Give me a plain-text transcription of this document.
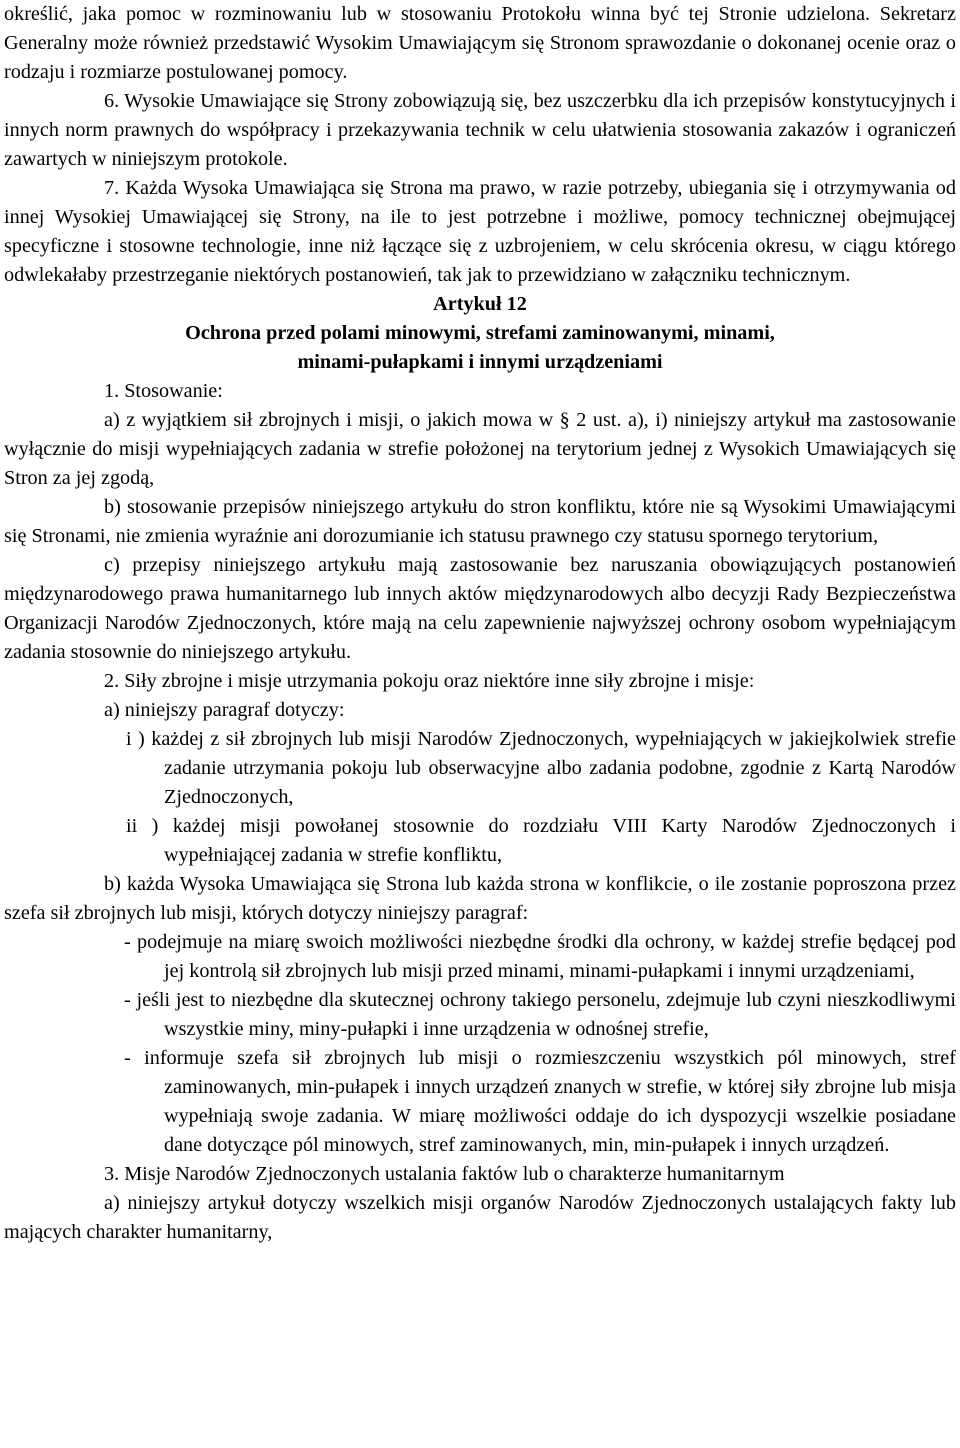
określić, jaka pomoc w rozminowaniu lub w stosowaniu Protokołu winna być tej Stronie udzielona. Sekretarz Generalny może również przedstawić Wysokim Umawiającym się Stronom sprawozdanie o dokonanej ocenie oraz o rodzaju i rozmiarze postulowanej pomocy.

6. Wysokie Umawiające się Strony zobowiązują się, bez uszczerbku dla ich przepisów konstytucyjnych i innych norm prawnych do współpracy i przekazywania technik w celu ułatwienia stosowania zakazów i ograniczeń zawartych w niniejszym protokole.

7. Każda Wysoka Umawiająca się Strona ma prawo, w razie potrzeby, ubiegania się i otrzymywania od innej Wysokiej Umawiającej się Strony, na ile to jest potrzebne i możliwe, pomocy technicznej obejmującej specyficzne i stosowne technologie, inne niż łączące się z uzbrojeniem, w celu skrócenia okresu, w ciągu którego odwlekałaby przestrzeganie niektórych postanowień, tak jak to przewidziano w załączniku technicznym.

Artykuł 12

Ochrona przed polami minowymi, strefami zaminowanymi, minami,

minami-pułapkami i innymi urządzeniami

1. Stosowanie:

a) z wyjątkiem sił zbrojnych i misji, o jakich mowa w § 2 ust. a), i) niniejszy artykuł ma zastosowanie wyłącznie do misji wypełniających zadania w strefie położonej na terytorium jednej z Wysokich Umawiających się Stron za jej zgodą,

b) stosowanie przepisów niniejszego artykułu do stron konfliktu, które nie są Wysokimi Umawiającymi się Stronami, nie zmienia wyraźnie ani dorozumianie ich statusu prawnego czy statusu spornego terytorium,

c) przepisy niniejszego artykułu mają zastosowanie bez naruszania obowiązujących postanowień międzynarodowego prawa humanitarnego lub innych aktów międzynarodowych albo decyzji Rady Bezpieczeństwa Organizacji Narodów Zjednoczonych, które mają na celu zapewnienie najwyższej ochrony osobom wypełniającym zadania stosownie do niniejszego artykułu.

2. Siły zbrojne i misje utrzymania pokoju oraz niektóre inne siły zbrojne i misje:

a) niniejszy paragraf dotyczy:

i ) każdej z sił zbrojnych lub misji Narodów Zjednoczonych, wypełniających w jakiejkolwiek strefie zadanie utrzymania pokoju lub obserwacyjne albo zadania podobne, zgodnie z Kartą Narodów Zjednoczonych,

ii ) każdej misji powołanej stosownie do rozdziału VIII Karty Narodów Zjednoczonych i wypełniającej zadania w strefie konfliktu,

b) każda Wysoka Umawiająca się Strona lub każda strona w konflikcie, o ile zostanie poproszona przez szefa sił zbrojnych lub misji, których dotyczy niniejszy paragraf:

- podejmuje na miarę swoich możliwości niezbędne środki dla ochrony, w każdej strefie będącej pod jej kontrolą sił zbrojnych lub misji przed minami, minami-pułapkami i innymi urządzeniami,

- jeśli jest to niezbędne dla skutecznej ochrony takiego personelu, zdejmuje lub czyni nieszkodliwymi wszystkie miny, miny-pułapki i inne urządzenia w odnośnej strefie,

- informuje szefa sił zbrojnych lub misji o rozmieszczeniu wszystkich pól minowych, stref zaminowanych, min-pułapek i innych urządzeń znanych w strefie, w której siły zbrojne lub misja wypełniają swoje zadania. W miarę możliwości oddaje do ich dyspozycji wszelkie posiadane dane dotyczące pól minowych, stref zaminowanych, min, min-pułapek i innych urządzeń.

3. Misje Narodów Zjednoczonych ustalania faktów lub o charakterze humanitarnym

a) niniejszy artykuł dotyczy wszelkich misji organów Narodów Zjednoczonych ustalających fakty lub mających charakter humanitarny,
